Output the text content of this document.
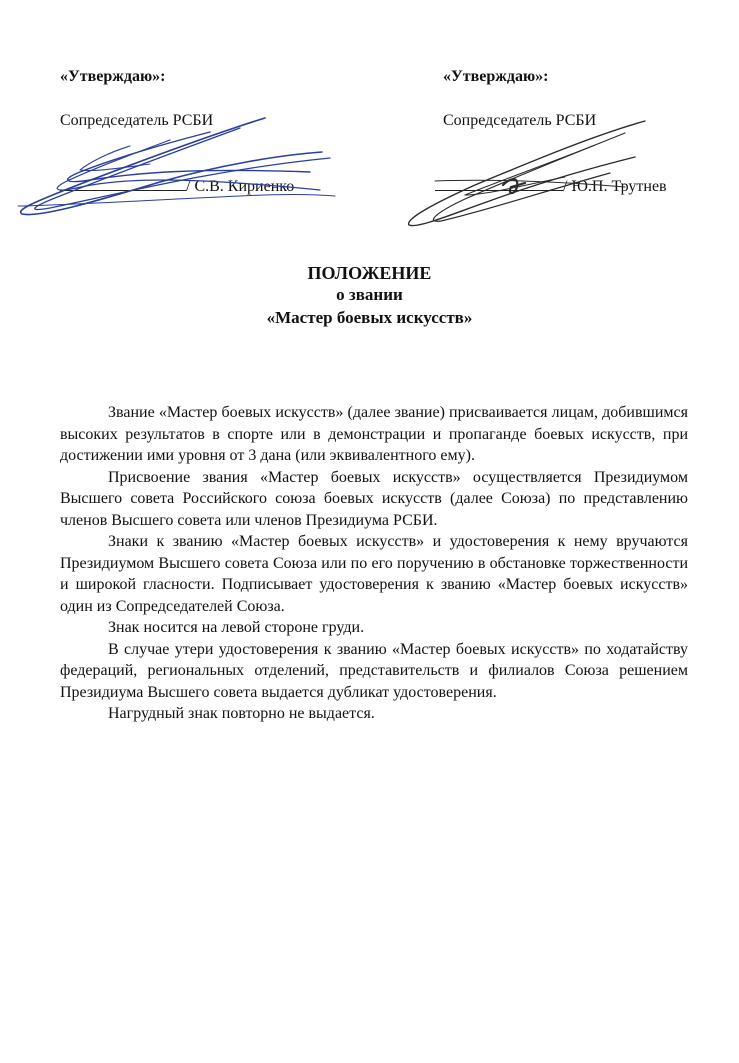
«Утверждаю»:
Сопредседатель РСБИ
/ С.В. Кириенко
«Утверждаю»:
Сопредседатель РСБИ
/ Ю.П. Трутнев
ПОЛОЖЕНИЕ
о звании
«Мастер боевых искусств»

Звание «Мастер боевых искусств» (далее звание) присваивается лицам, добившимся высоких результатов в спорте или в демонстрации и пропаганде боевых искусств, при достижении ими уровня от 3 дана (или эквивалентного ему).

Присвоение звания «Мастер боевых искусств» осуществляется Президиумом Высшего совета Российского союза боевых искусств (далее Союза) по представлению членов Высшего совета или членов Президиума РСБИ.

Знаки к званию «Мастер боевых искусств» и удостоверения к нему вручаются Президиумом Высшего совета Союза или по его поручению в обстановке торжественности и широкой гласности. Подписывает удостоверения к званию «Мастер боевых искусств» один из Сопредседателей Союза.

Знак носится на левой стороне груди.

В случае утери удостоверения к званию «Мастер боевых искусств» по ходатайству федераций, региональных отделений, представительств и филиалов Союза решением Президиума Высшего совета выдается дубликат удостоверения.

Нагрудный знак повторно не выдается.
